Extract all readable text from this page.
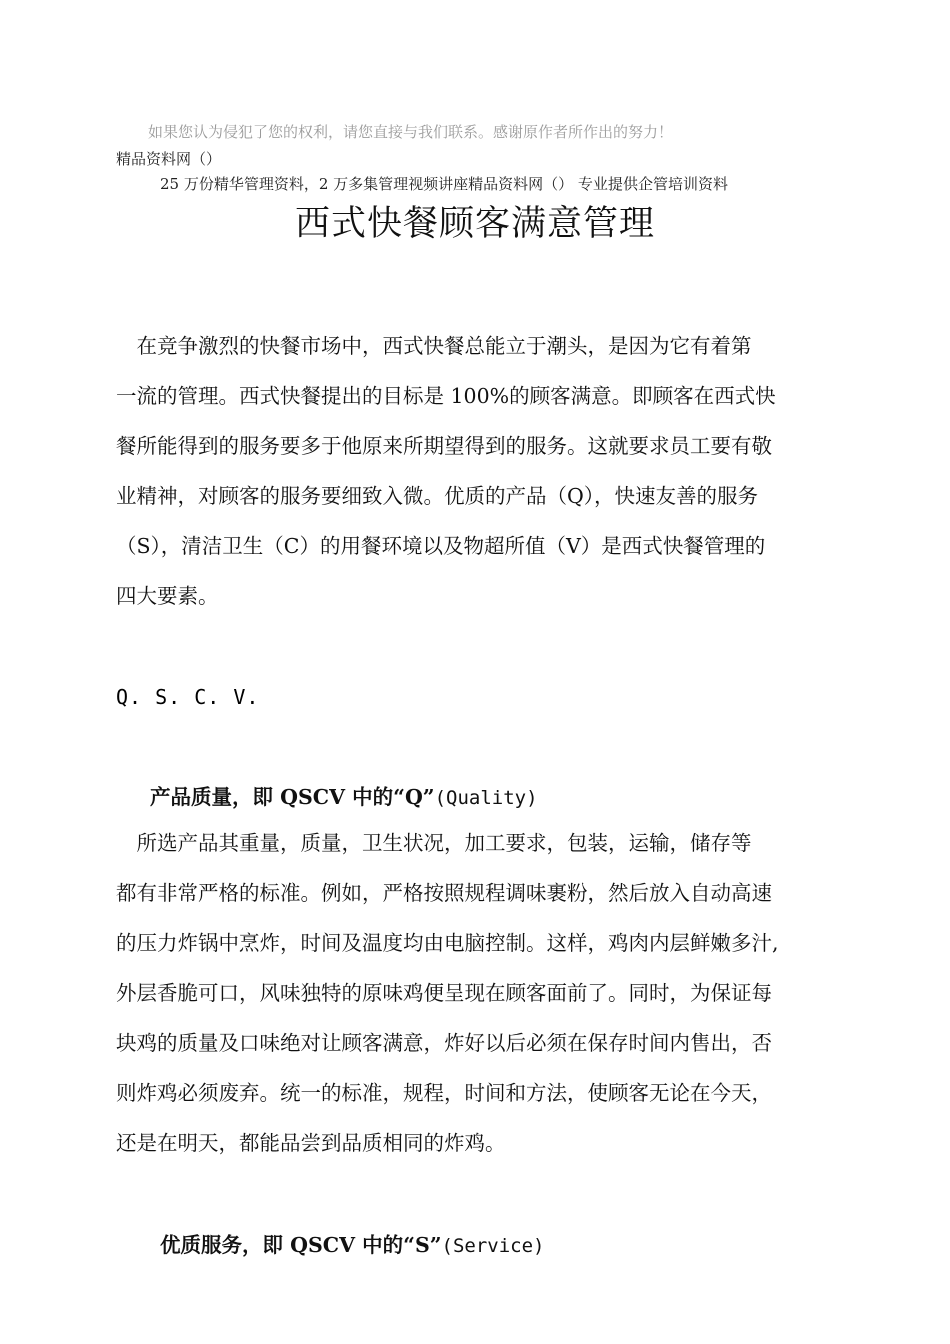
如果您认为侵犯了您的权利，请您直接与我们联系。感谢原作者所作出的努力！
精品资料网（）
25 万份精华管理资料，2 万多集管理视频讲座精品资料网（） 专业提供企管培训资料
西式快餐顾客满意管理
　在竞争激烈的快餐市场中，西式快餐总能立于潮头，是因为它有着第
一流的管理。西式快餐提出的目标是 100%的顾客满意。即顾客在西式快
餐所能得到的服务要多于他原来所期望得到的服务。这就要求员工要有敬
业精神，对顾客的服务要细致入微。优质的产品（Q），快速友善的服务
（S），清洁卫生（C）的用餐环境以及物超所值（V）是西式快餐管理的
四大要素。
Q. S. C. V.
产品质量，即 QSCV 中的“Q”(Quality)
　所选产品其重量，质量，卫生状况，加工要求，包装，运输，储存等
都有非常严格的标准。例如，严格按照规程调味裹粉，然后放入自动高速
的压力炸锅中烹炸，时间及温度均由电脑控制。这样，鸡肉内层鲜嫩多汁,
外层香脆可口，风味独特的原味鸡便呈现在顾客面前了。同时，为保证每
块鸡的质量及口味绝对让顾客满意，炸好以后必须在保存时间内售出，否
则炸鸡必须废弃。统一的标准，规程，时间和方法，使顾客无论在今天，
还是在明天，都能品尝到品质相同的炸鸡。
优质服务，即 QSCV 中的“S”(Service)
